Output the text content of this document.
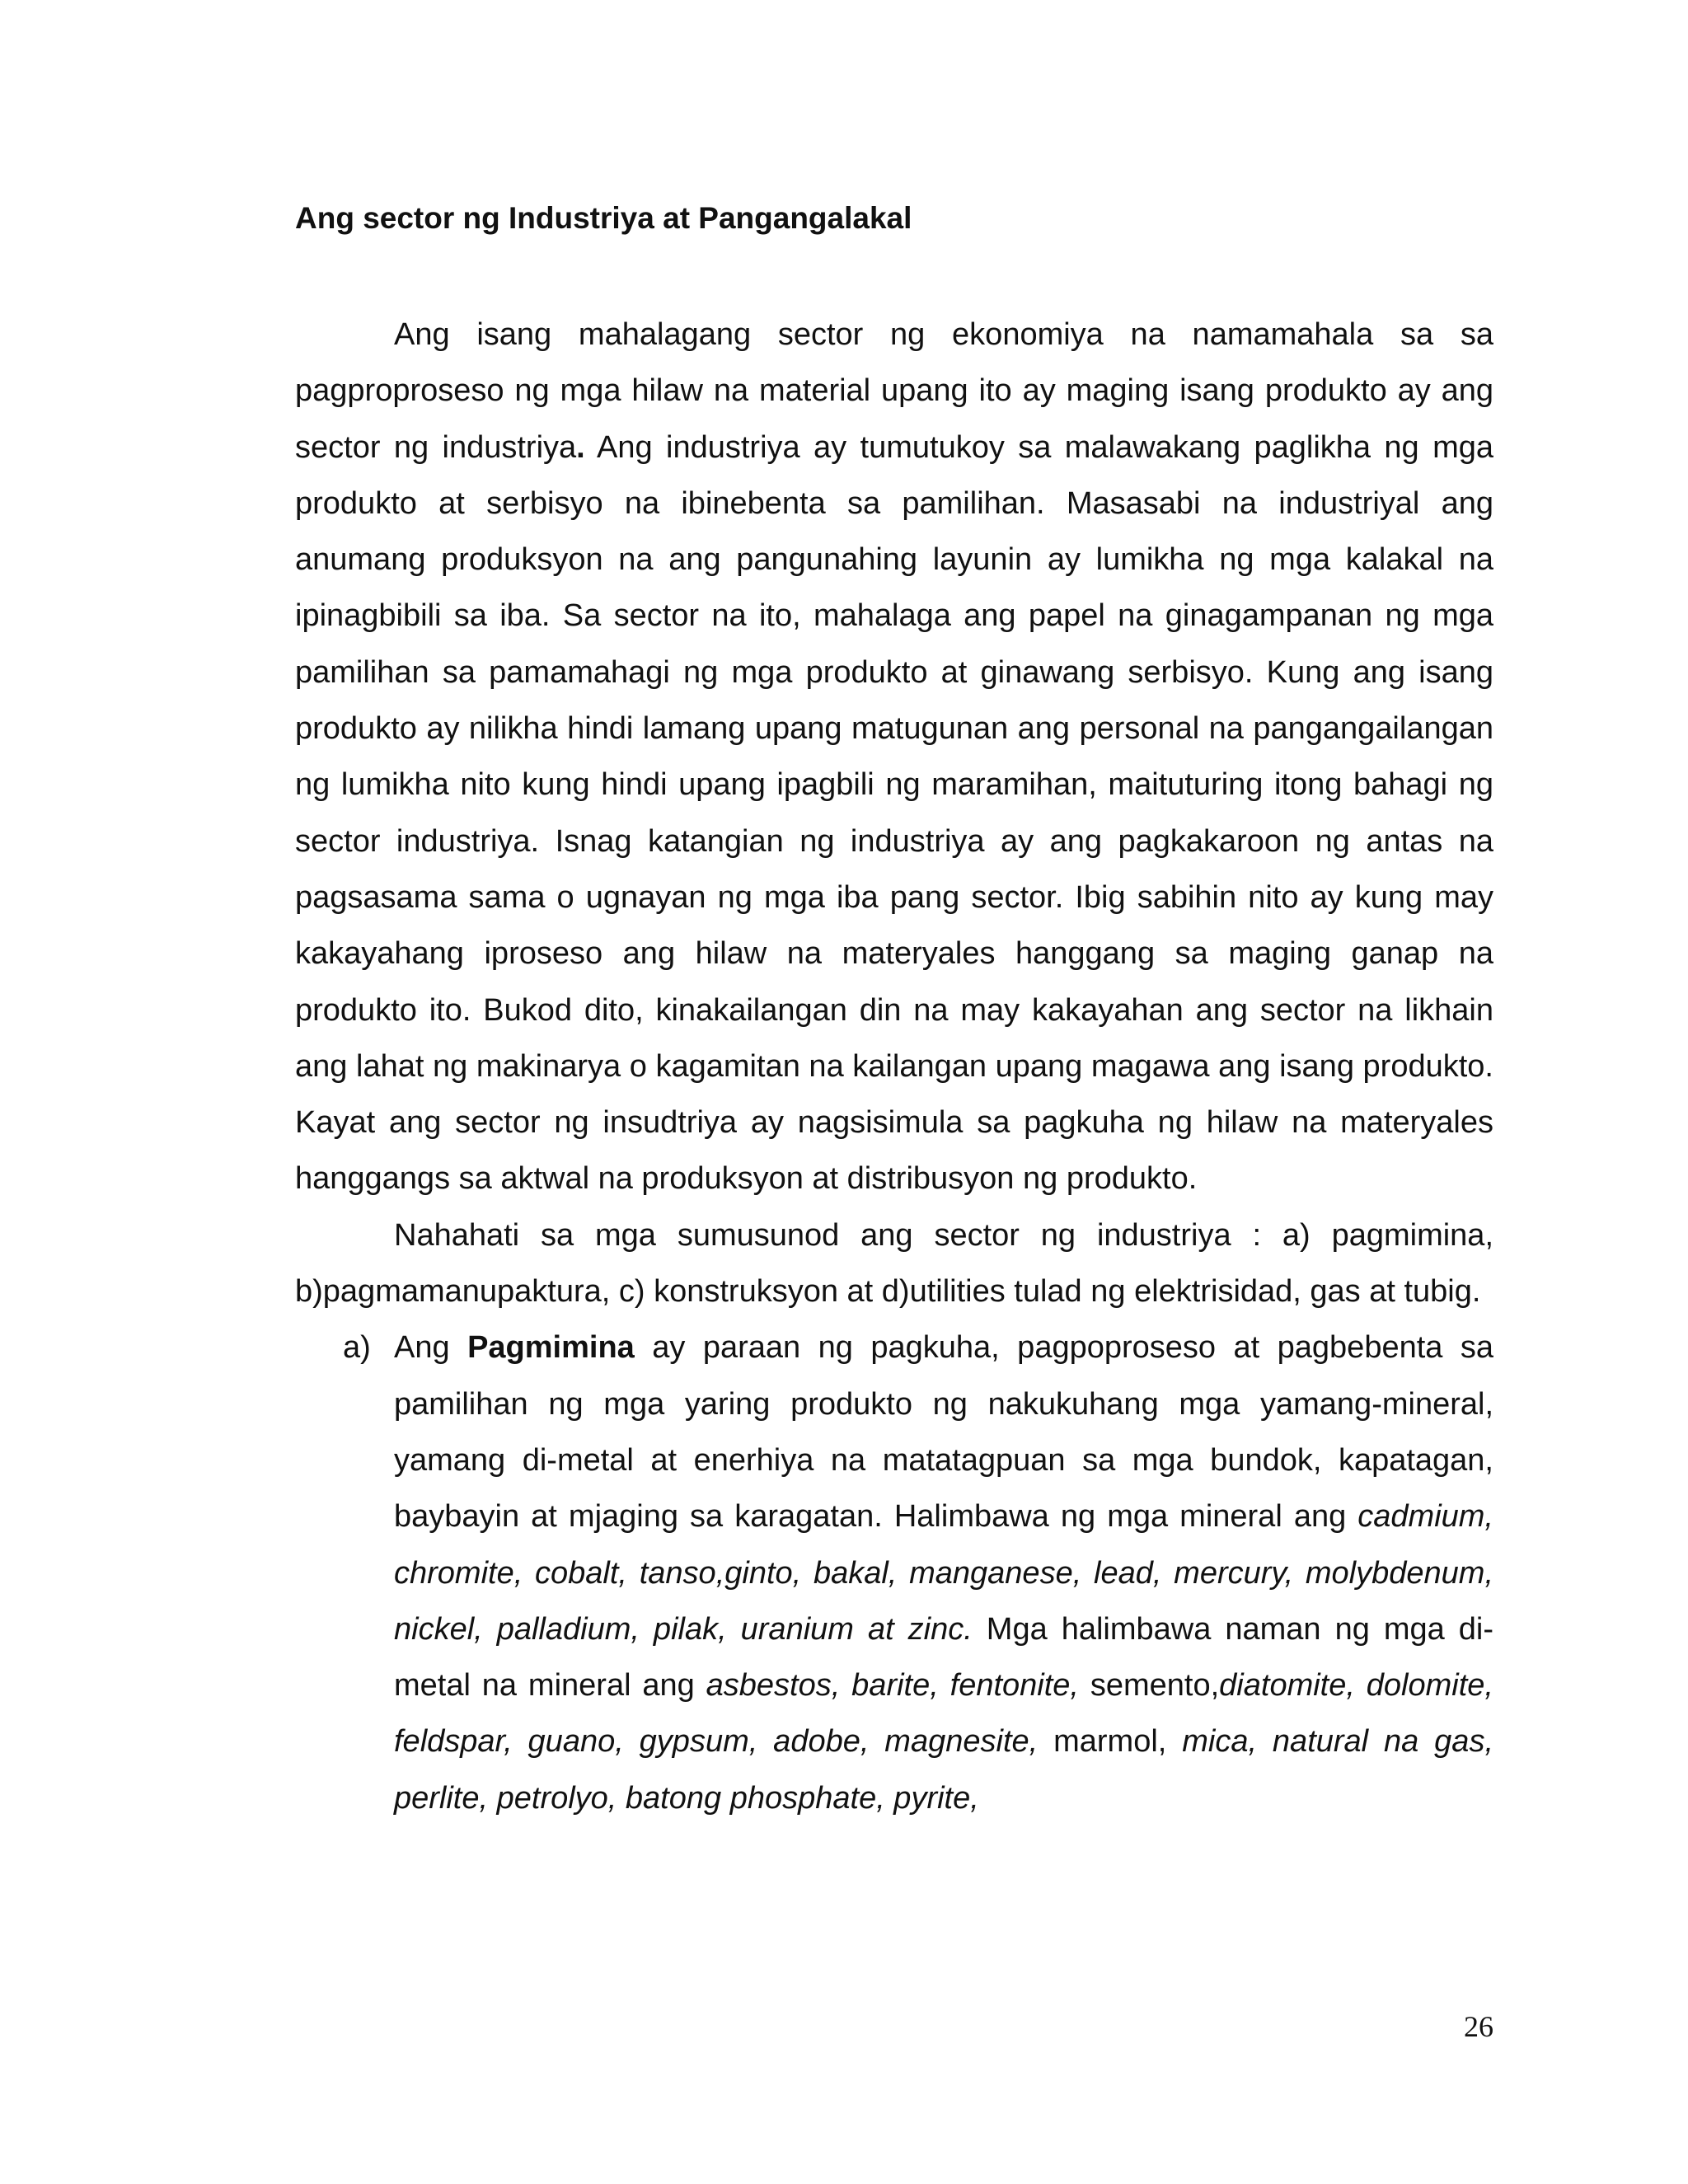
Ang sector ng Industriya at Pangangalakal

Ang isang mahalagang sector ng ekonomiya na namamahala sa sa pagproproseso ng mga hilaw na material upang ito ay maging isang produkto ay ang sector ng industriya. Ang industriya ay tumutukoy sa malawakang paglikha ng mga produkto at serbisyo na ibinebenta sa pamilihan. Masasabi na industriyal ang anumang produksyon na ang pangunahing layunin ay lumikha ng mga kalakal na ipinagbibili sa iba. Sa sector na ito, mahalaga ang papel na ginagampanan ng mga pamilihan sa pamamahagi ng mga produkto at ginawang serbisyo. Kung ang isang produkto ay nilikha hindi lamang upang matugunan ang personal na pangangailangan ng lumikha nito kung hindi upang ipagbili ng maramihan, maituturing itong bahagi ng sector industriya. Isnag katangian ng industriya ay ang pagkakaroon ng antas na pagsasama sama o ugnayan ng mga iba pang sector. Ibig sabihin nito ay kung may kakayahang iproseso ang hilaw na materyales hanggang sa maging ganap na produkto ito. Bukod dito, kinakailangan din na may kakayahan ang sector na likhain ang lahat ng makinarya o kagamitan na kailangan upang magawa ang isang produkto. Kayat ang sector ng insudtriya ay nagsisimula sa pagkuha ng hilaw na materyales hanggangs sa aktwal na produksyon at distribusyon ng produkto.

Nahahati sa mga sumusunod ang sector ng industriya : a) pagmimina, b)pagmamanupaktura, c) konstruksyon at d)utilities tulad ng elektrisidad, gas at tubig.

a) Ang Pagmimina ay paraan ng pagkuha, pagpoproseso at pagbebenta sa pamilihan ng mga yaring produkto ng nakukuhang mga yamang-mineral, yamang di-metal at enerhiya na matatagpuan sa mga bundok, kapatagan, baybayin at mjaging sa karagatan. Halimbawa ng mga mineral ang cadmium, chromite, cobalt, tanso,ginto, bakal, manganese, lead, mercury, molybdenum, nickel, palladium, pilak, uranium at zinc. Mga halimbawa naman ng mga di-metal na mineral ang asbestos, barite, fentonite, semento,diatomite, dolomite, feldspar, guano, gypsum, adobe, magnesite, marmol, mica, natural na gas, perlite, petrolyo, batong phosphate, pyrite,
26
